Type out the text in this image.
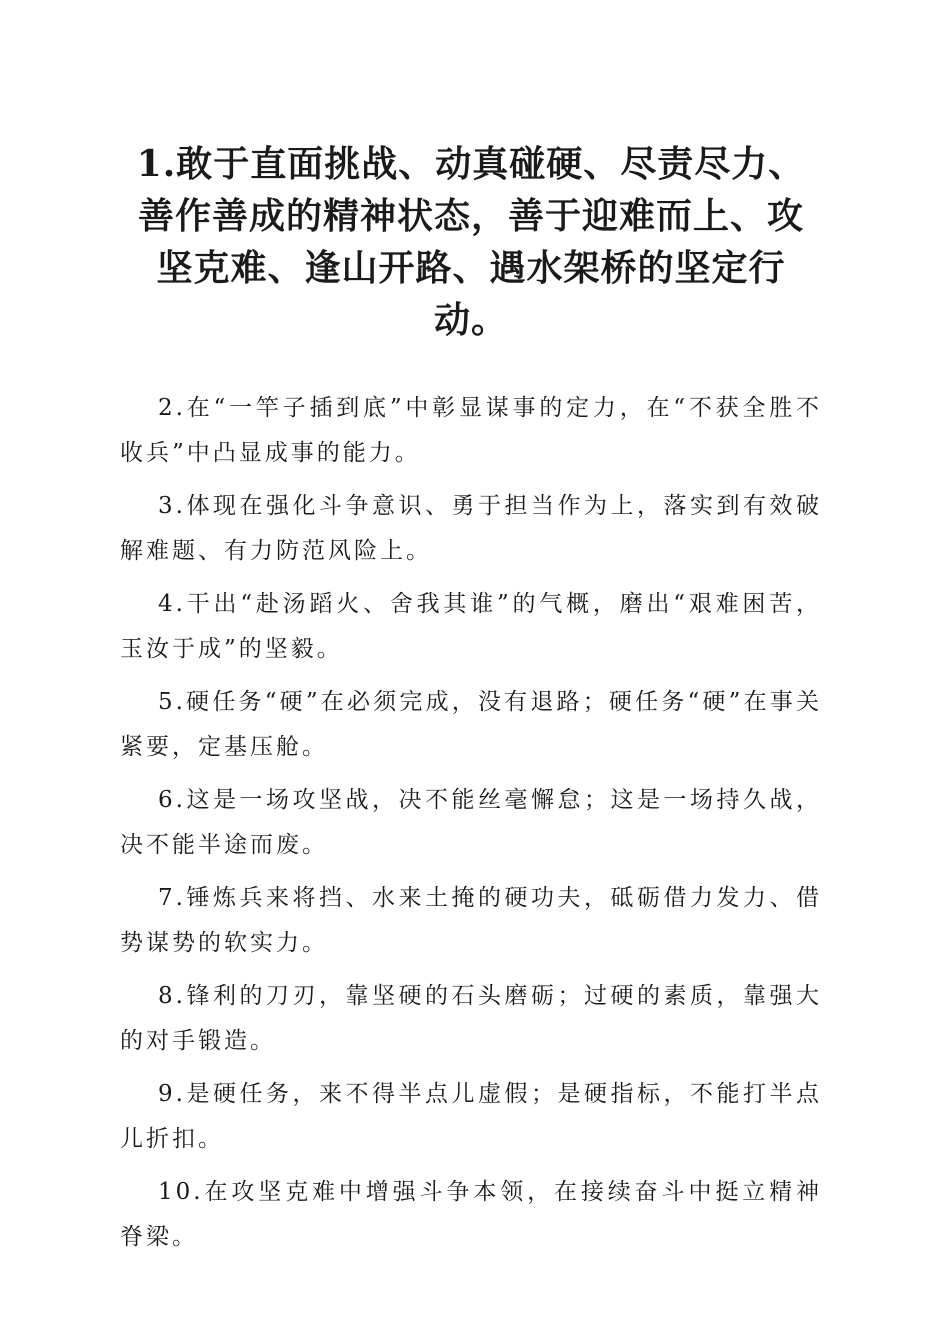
1.敢于直面挑战、动真碰硬、尽责尽力、善作善成的精神状态，善于迎难而上、攻坚克难、逢山开路、遇水架桥的坚定行动。

2.在“一竿子插到底”中彰显谋事的定力，在“不获全胜不收兵”中凸显成事的能力。

3.体现在强化斗争意识、勇于担当作为上，落实到有效破解难题、有力防范风险上。

4.干出“赴汤蹈火、舍我其谁”的气概，磨出“艰难困苦，玉汝于成”的坚毅。

5.硬任务“硬”在必须完成，没有退路；硬任务“硬”在事关紧要，定基压舱。

6.这是一场攻坚战，决不能丝毫懈怠；这是一场持久战，决不能半途而废。

7.锤炼兵来将挡、水来土掩的硬功夫，砥砺借力发力、借势谋势的软实力。

8.锋利的刀刃，靠坚硬的石头磨砺；过硬的素质，靠强大的对手锻造。

9.是硬任务，来不得半点儿虚假；是硬指标，不能打半点儿折扣。

10.在攻坚克难中增强斗争本领，在接续奋斗中挺立精神脊梁。
